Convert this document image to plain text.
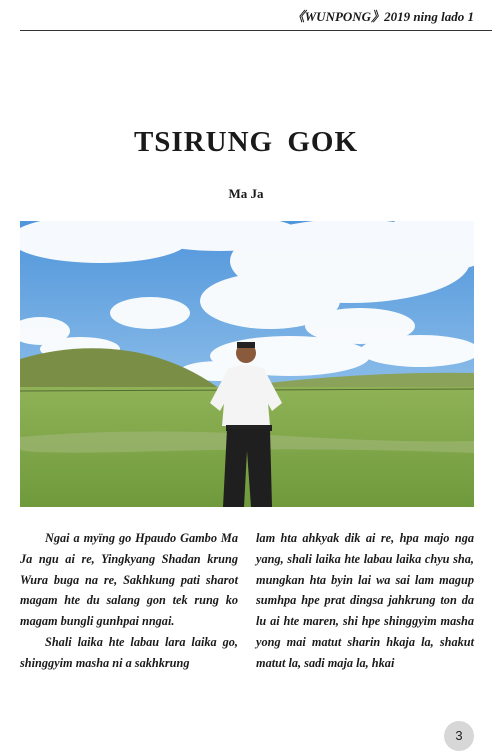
《WUNPONG》2019 ning lado 1
TSIRUNG GOK
Ma Ja

Ngai a myïng go Hpaudo Gambo Ma Ja ngu ai re, Yingkyang Shadan krung Wura buga na re, Sakhkung pati sharot magam hte du salang gon tek rung ko magam bungli gunhpai nngai.

Shali laika hte labau lara laika go, shinggyim masha ni a sakhkrung

lam hta ahkyak dik ai re, hpa majo nga yang, shali laika hte labau laika chyu sha, mungkan hta byin lai wa sai lam magup sumhpa hpe prat dingsa jahkrung ton da lu ai hte maren, shi hpe shinggyim masha yong mai matut sharin hkaja la, shakut matut la, sadi maja la, hkai

3
